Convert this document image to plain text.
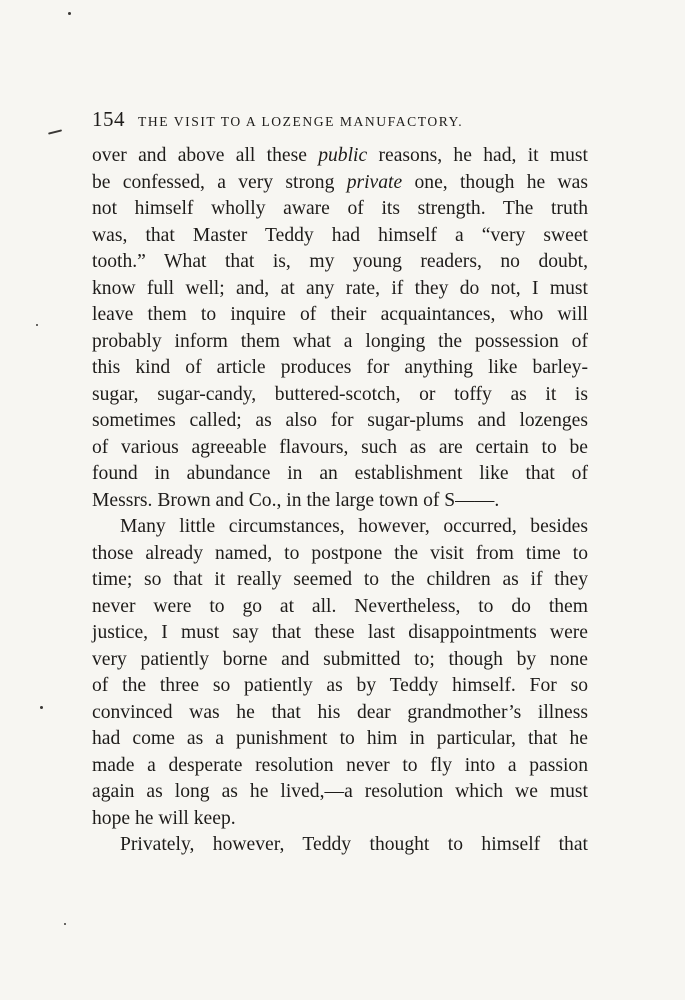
154 THE VISIT TO A LOZENGE MANUFACTORY.
over and above all these public reasons, he had, it must
be confessed, a very strong private one, though he was
not himself wholly aware of its strength. The truth
was, that Master Teddy had himself a “very sweet
tooth.” What that is, my young readers, no doubt,
know full well; and, at any rate, if they do not, I must
leave them to inquire of their acquaintances, who will
probably inform them what a longing the possession of
this kind of article produces for anything like barley-
sugar, sugar-candy, buttered-scotch, or toffy as it is
sometimes called; as also for sugar-plums and lozenges
of various agreeable flavours, such as are certain to be
found in abundance in an establishment like that of
Messrs. Brown and Co., in the large town of S——.
Many little circumstances, however, occurred, besides
those already named, to postpone the visit from time to
time; so that it really seemed to the children as if they
never were to go at all. Nevertheless, to do them
justice, I must say that these last disappointments were
very patiently borne and submitted to; though by none
of the three so patiently as by Teddy himself. For so
convinced was he that his dear grandmother’s illness
had come as a punishment to him in particular, that he
made a desperate resolution never to fly into a passion
again as long as he lived,—a resolution which we must
hope he will keep.
Privately, however, Teddy thought to himself that
